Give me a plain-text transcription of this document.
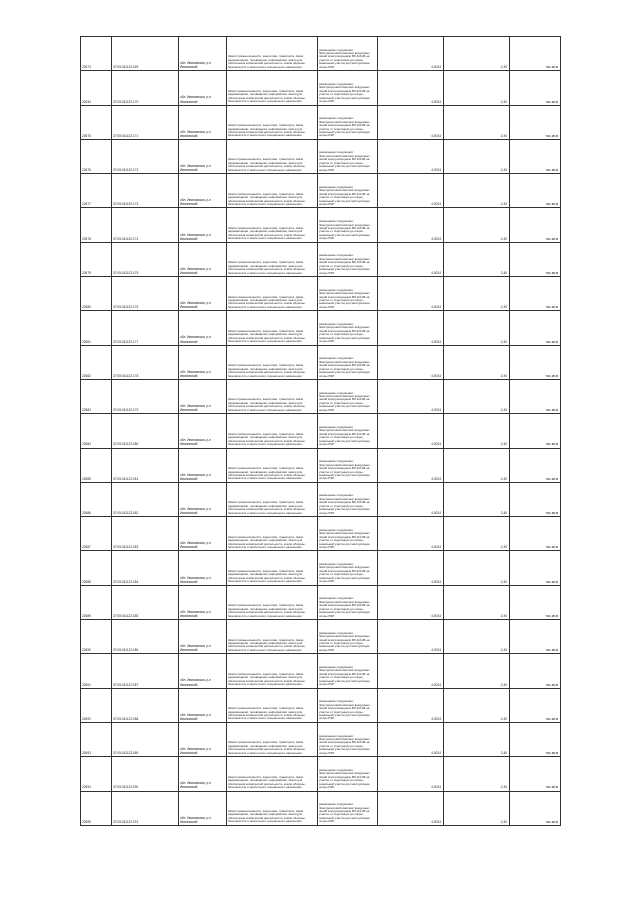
22673	37:05:011122:169	обл. Ивановская, р-н Ивановский	Земли промышленности, энергетики, транспорта, связи, радиовещания, телевидения, информатики, земли для обеспечения космической деятельности, земли обороны, безопасности и земли иного специального назначения	размещение сооружения: Электросетевой комплекс воздушных линий электропередачи ВЛ-110 кВ на участке от подстанции до опоры, земельный участок для эксплуатации опоры ЛЭП	4,0024	2,40	тыс.кв.м
22634	37:05:011122:170	обл. Ивановская, р-н Ивановский	Земли промышленности, энергетики, транспорта, связи, радиовещания, телевидения, информатики, земли для обеспечения космической деятельности, земли обороны, безопасности и земли иного специального назначения	размещение сооружения: Электросетевой комплекс воздушных линий электропередачи ВЛ-110 кВ на участке от подстанции до опоры, земельный участок для эксплуатации опоры ЛЭП	4,0024	2,40	тыс.кв.м
22675	37:05:011122:171	обл. Ивановская, р-н Ивановский	Земли промышленности, энергетики, транспорта, связи, радиовещания, телевидения, информатики, земли для обеспечения космической деятельности, земли обороны, безопасности и земли иного специального назначения	размещение сооружения: Электросетевой комплекс воздушных линий электропередачи ВЛ-110 кВ на участке от подстанции до опоры, земельный участок для эксплуатации опоры ЛЭП	4,0024	2,40	тыс.кв.м
22676	37:05:011122:172	обл. Ивановская, р-н Ивановский	Земли промышленности, энергетики, транспорта, связи, радиовещания, телевидения, информатики, земли для обеспечения космической деятельности, земли обороны, безопасности и земли иного специального назначения	размещение сооружения: Электросетевой комплекс воздушных линий электропередачи ВЛ-110 кВ на участке от подстанции до опоры, земельный участок для эксплуатации опоры ЛЭП	4,0024	2,40	тыс.кв.м
22677	37:05:011122:173	обл. Ивановская, р-н Ивановский	Земли промышленности, энергетики, транспорта, связи, радиовещания, телевидения, информатики, земли для обеспечения космической деятельности, земли обороны, безопасности и земли иного специального назначения	размещение сооружения: Электросетевой комплекс воздушных линий электропередачи ВЛ-110 кВ на участке от подстанции до опоры, земельный участок для эксплуатации опоры ЛЭП	4,0024	2,40	тыс.кв.м
22678	37:05:011122:174	обл. Ивановская, р-н Ивановский	Земли промышленности, энергетики, транспорта, связи, радиовещания, телевидения, информатики, земли для обеспечения космической деятельности, земли обороны, безопасности и земли иного специального назначения	размещение сооружения: Электросетевой комплекс воздушных линий электропередачи ВЛ-110 кВ на участке от подстанции до опоры, земельный участок для эксплуатации опоры ЛЭП	4,0024	2,40	тыс.кв.м
22679	37:05:011122:175	обл. Ивановская, р-н Ивановский	Земли промышленности, энергетики, транспорта, связи, радиовещания, телевидения, информатики, земли для обеспечения космической деятельности, земли обороны, безопасности и земли иного специального назначения	размещение сооружения: Электросетевой комплекс воздушных линий электропередачи ВЛ-110 кВ на участке от подстанции до опоры, земельный участок для эксплуатации опоры ЛЭП	4,0024	2,40	тыс.кв.м
22680	37:05:011122:176	обл. Ивановская, р-н Ивановский	Земли промышленности, энергетики, транспорта, связи, радиовещания, телевидения, информатики, земли для обеспечения космической деятельности, земли обороны, безопасности и земли иного специального назначения	размещение сооружения: Электросетевой комплекс воздушных линий электропередачи ВЛ-110 кВ на участке от подстанции до опоры, земельный участок для эксплуатации опоры ЛЭП	4,0024	2,40	тыс.кв.м
22681	37:05:011122:177	обл. Ивановская, р-н Ивановский	Земли промышленности, энергетики, транспорта, связи, радиовещания, телевидения, информатики, земли для обеспечения космической деятельности, земли обороны, безопасности и земли иного специального назначения	размещение сооружения: Электросетевой комплекс воздушных линий электропередачи ВЛ-110 кВ на участке от подстанции до опоры, земельный участок для эксплуатации опоры ЛЭП	4,0024	2,40	тыс.кв.м
22682	37:05:011122:178	обл. Ивановская, р-н Ивановский	Земли промышленности, энергетики, транспорта, связи, радиовещания, телевидения, информатики, земли для обеспечения космической деятельности, земли обороны, безопасности и земли иного специального назначения	размещение сооружения: Электросетевой комплекс воздушных линий электропередачи ВЛ-110 кВ на участке от подстанции до опоры, земельный участок для эксплуатации опоры ЛЭП	4,0024	2,40	тыс.кв.м
22683	37:05:011122:179	обл. Ивановская, р-н Ивановский	Земли промышленности, энергетики, транспорта, связи, радиовещания, телевидения, информатики, земли для обеспечения космической деятельности, земли обороны, безопасности и земли иного специального назначения	размещение сооружения: Электросетевой комплекс воздушных линий электропередачи ВЛ-110 кВ на участке от подстанции до опоры, земельный участок для эксплуатации опоры ЛЭП	4,0024	2,40	тыс.кв.м
22684	37:05:011122:180	обл. Ивановская, р-н Ивановский	Земли промышленности, энергетики, транспорта, связи, радиовещания, телевидения, информатики, земли для обеспечения космической деятельности, земли обороны, безопасности и земли иного специального назначения	размещение сооружения: Электросетевой комплекс воздушных линий электропередачи ВЛ-110 кВ на участке от подстанции до опоры, земельный участок для эксплуатации опоры ЛЭП	4,0024	2,40	тыс.кв.м
22685	37:05:011122:181	обл. Ивановская, р-н Ивановский	Земли промышленности, энергетики, транспорта, связи, радиовещания, телевидения, информатики, земли для обеспечения космической деятельности, земли обороны, безопасности и земли иного специального назначения	размещение сооружения: Электросетевой комплекс воздушных линий электропередачи ВЛ-110 кВ на участке от подстанции до опоры, земельный участок для эксплуатации опоры ЛЭП	4,0024	2,40	тыс.кв.м
22686	37:05:011122:182	обл. Ивановская, р-н Ивановский	Земли промышленности, энергетики, транспорта, связи, радиовещания, телевидения, информатики, земли для обеспечения космической деятельности, земли обороны, безопасности и земли иного специального назначения	размещение сооружения: Электросетевой комплекс воздушных линий электропередачи ВЛ-110 кВ на участке от подстанции до опоры, земельный участок для эксплуатации опоры ЛЭП	4,0024	2,40	тыс.кв.м
22687	37:05:011122:183	обл. Ивановская, р-н Ивановский	Земли промышленности, энергетики, транспорта, связи, радиовещания, телевидения, информатики, земли для обеспечения космической деятельности, земли обороны, безопасности и земли иного специального назначения	размещение сооружения: Электросетевой комплекс воздушных линий электропередачи ВЛ-110 кВ на участке от подстанции до опоры, земельный участок для эксплуатации опоры ЛЭП	4,0024	2,40	тыс.кв.м
22688	37:05:011122:184	обл. Ивановская, р-н Ивановский	Земли промышленности, энергетики, транспорта, связи, радиовещания, телевидения, информатики, земли для обеспечения космической деятельности, земли обороны, безопасности и земли иного специального назначения	размещение сооружения: Электросетевой комплекс воздушных линий электропередачи ВЛ-110 кВ на участке от подстанции до опоры, земельный участок для эксплуатации опоры ЛЭП	4,0024	2,40	тыс.кв.м
22689	37:05:011122:185	обл. Ивановская, р-н Ивановский	Земли промышленности, энергетики, транспорта, связи, радиовещания, телевидения, информатики, земли для обеспечения космической деятельности, земли обороны, безопасности и земли иного специального назначения	размещение сооружения: Электросетевой комплекс воздушных линий электропередачи ВЛ-110 кВ на участке от подстанции до опоры, земельный участок для эксплуатации опоры ЛЭП	4,0024	2,40	тыс.кв.м
22690	37:05:011122:186	обл. Ивановская, р-н Ивановский	Земли промышленности, энергетики, транспорта, связи, радиовещания, телевидения, информатики, земли для обеспечения космической деятельности, земли обороны, безопасности и земли иного специального назначения	размещение сооружения: Электросетевой комплекс воздушных линий электропередачи ВЛ-110 кВ на участке от подстанции до опоры, земельный участок для эксплуатации опоры ЛЭП	4,0024	2,40	тыс.кв.м
22691	37:05:011122:187	обл. Ивановская, р-н Ивановский	Земли промышленности, энергетики, транспорта, связи, радиовещания, телевидения, информатики, земли для обеспечения космической деятельности, земли обороны, безопасности и земли иного специального назначения	размещение сооружения: Электросетевой комплекс воздушных линий электропередачи ВЛ-110 кВ на участке от подстанции до опоры, земельный участок для эксплуатации опоры ЛЭП	4,0024	2,40	тыс.кв.м
22692	37:05:011122:188	обл. Ивановская, р-н Ивановский	Земли промышленности, энергетики, транспорта, связи, радиовещания, телевидения, информатики, земли для обеспечения космической деятельности, земли обороны, безопасности и земли иного специального назначения	размещение сооружения: Электросетевой комплекс воздушных линий электропередачи ВЛ-110 кВ на участке от подстанции до опоры, земельный участок для эксплуатации опоры ЛЭП	4,0024	2,40	тыс.кв.м
22693	37:05:011122:189	обл. Ивановская, р-н Ивановский	Земли промышленности, энергетики, транспорта, связи, радиовещания, телевидения, информатики, земли для обеспечения космической деятельности, земли обороны, безопасности и земли иного специального назначения	размещение сооружения: Электросетевой комплекс воздушных линий электропередачи ВЛ-110 кВ на участке от подстанции до опоры, земельный участок для эксплуатации опоры ЛЭП	4,0024	2,40	тыс.кв.м
22694	37:05:011122:190	обл. Ивановская, р-н Ивановский	Земли промышленности, энергетики, транспорта, связи, радиовещания, телевидения, информатики, земли для обеспечения космической деятельности, земли обороны, безопасности и земли иного специального назначения	размещение сооружения: Электросетевой комплекс воздушных линий электропередачи ВЛ-110 кВ на участке от подстанции до опоры, земельный участок для эксплуатации опоры ЛЭП	4,0024	2,40	тыс.кв.м
22695	37:05:011122:191	обл. Ивановская, р-н Ивановский	Земли промышленности, энергетики, транспорта, связи, радиовещания, телевидения, информатики, земли для обеспечения космической деятельности, земли обороны, безопасности и земли иного специального назначения	размещение сооружения: Электросетевой комплекс воздушных линий электропередачи ВЛ-110 кВ на участке от подстанции до опоры, земельный участок для эксплуатации опоры ЛЭП	4,0024	2,40	тыс.кв.м
